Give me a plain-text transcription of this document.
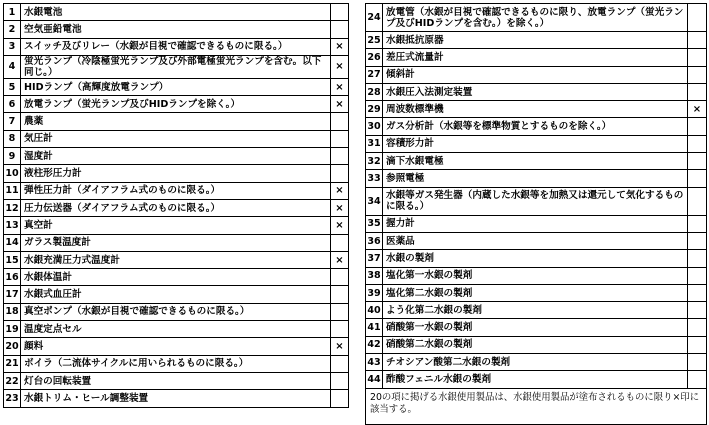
1	水銀電池	
2	空気亜鉛電池	
3	スイッチ及びリレー（水銀が目視で確認できるものに限る。）	×
4	蛍光ランプ（冷陰極蛍光ランプ及び外部電極蛍光ランプを含む。以下同じ。）	×
5	HIDランプ（高輝度放電ランプ）	×
6	放電ランプ（蛍光ランプ及びHIDランプを除く。）	×
7	農薬	
8	気圧計	
9	湿度計	
10	液柱形圧力計	
11	弾性圧力計（ダイアフラム式のものに限る。）	×
12	圧力伝送器（ダイアフラム式のものに限る。）	×
13	真空計	×
14	ガラス製温度計	
15	水銀充満圧力式温度計	×
16	水銀体温計	
17	水銀式血圧計	
18	真空ポンプ（水銀が目視で確認できるものに限る。）	
19	温度定点セル	
20	顔料	×
21	ボイラ（二流体サイクルに用いられるものに限る。）	
22	灯台の回転装置	
23	水銀トリム・ヒール調整装置	
24	放電管（水銀が目視で確認できるものに限り、放電ランプ（蛍光ランプ及びHIDランプを含む。）を除く。）	
25	水銀抵抗原器	
26	差圧式流量計	
27	傾斜計	
28	水銀圧入法測定装置	
29	周波数標準機	×
30	ガス分析計（水銀等を標準物質とするものを除く。）	
31	容積形力計	
32	滴下水銀電極	
33	参照電極	
34	水銀等ガス発生器（内蔵した水銀等を加熱又は還元して気化するものに限る。）	
35	握力計	
36	医薬品	
37	水銀の製剤	
38	塩化第一水銀の製剤	
39	塩化第二水銀の製剤	
40	よう化第二水銀の製剤	
41	硝酸第一水銀の製剤	
42	硝酸第二水銀の製剤	
43	チオシアン酸第二水銀の製剤	
44	酢酸フェニル水銀の製剤	
20の項に掲げる水銀使用製品は、水銀使用製品が塗布されるものに限り×印に該当する。		
